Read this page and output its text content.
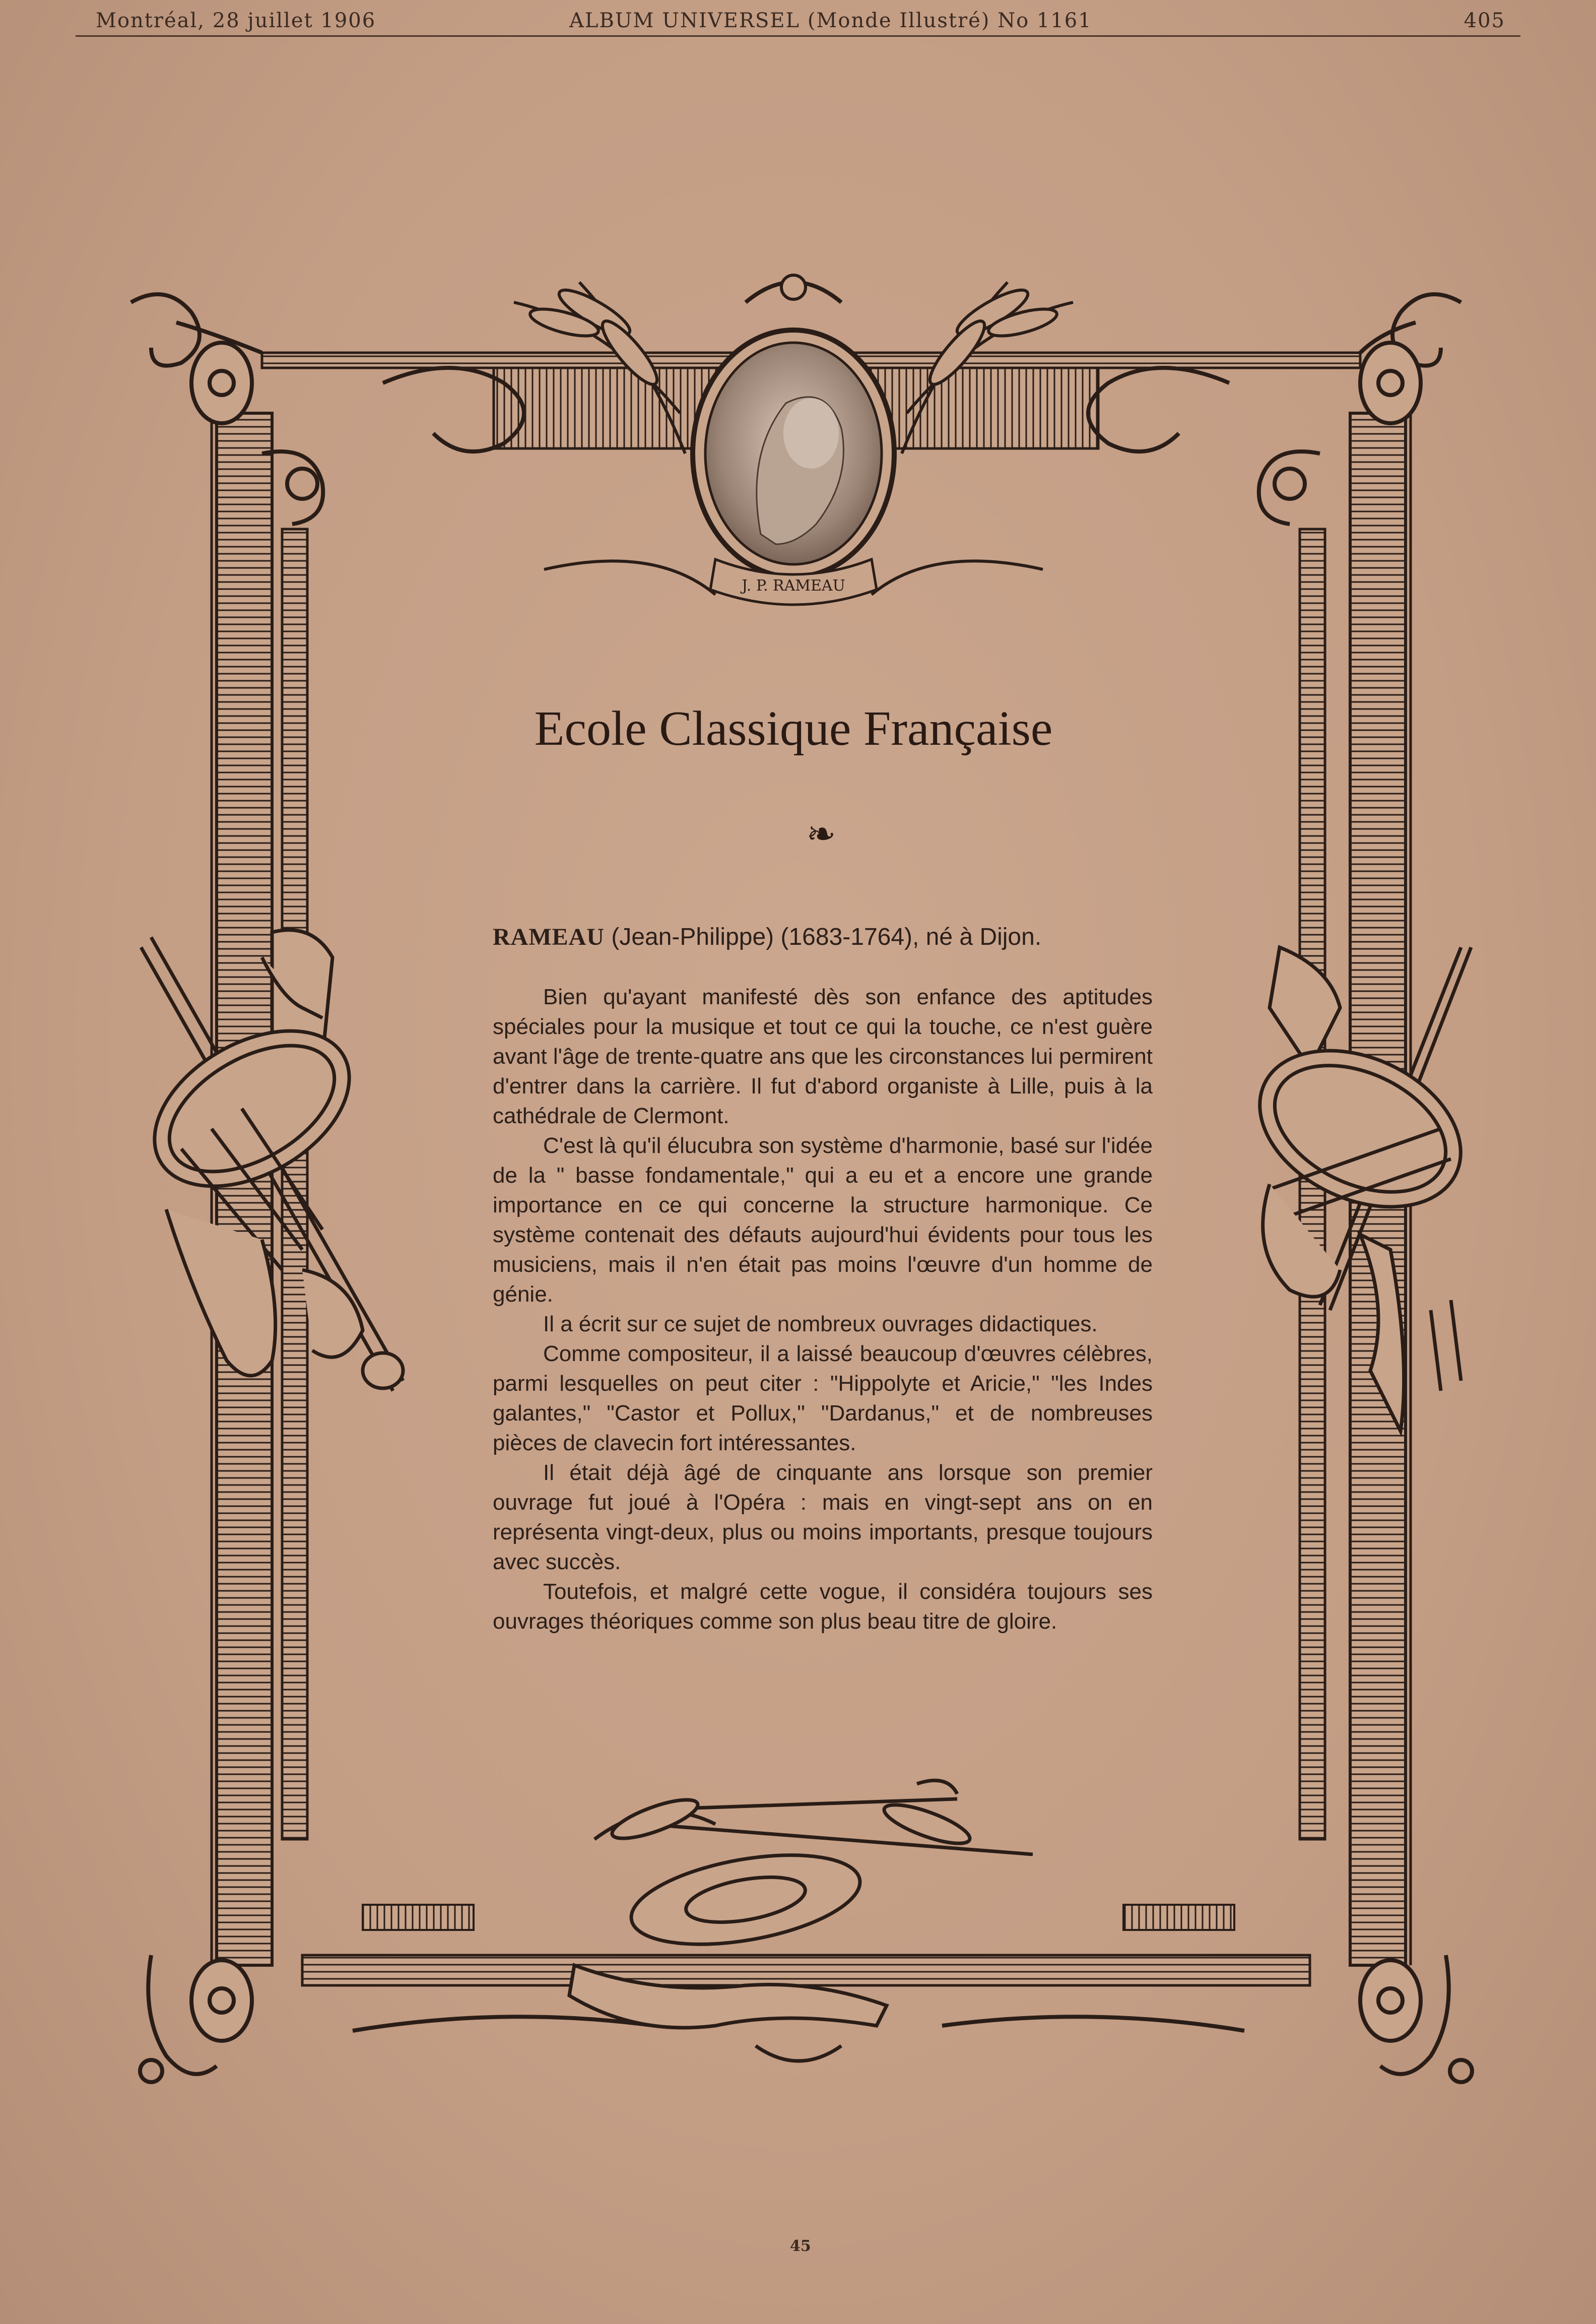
Montréal, 28 juillet 1906	ALBUM UNIVERSEL (Monde Illustré) No 1161	405
J. P. RAMEAU
Ecole Classique Française
❧

RAMEAU (Jean-Philippe) (1683-1764), né à Dijon.

Bien qu'ayant manifesté dès son enfance des aptitudes spéciales pour la musique et tout ce qui la touche, ce n'est guère avant l'âge de trente-quatre ans que les circonstances lui permirent d'entrer dans la carrière. Il fut d'abord organiste à Lille, puis à la cathédrale de Clermont.

C'est là qu'il élucubra son système d'harmonie, basé sur l'idée de la " basse fondamentale," qui a eu et a encore une grande importance en ce qui concerne la structure harmonique. Ce système contenait des défauts aujourd'hui évidents pour tous les musiciens, mais il n'en était pas moins l'œuvre d'un homme de génie.

Il a écrit sur ce sujet de nombreux ouvrages didactiques.

Comme compositeur, il a laissé beaucoup d'œuvres célèbres, parmi lesquelles on peut citer : "Hippolyte et Aricie," "les Indes galantes," "Castor et Pollux," "Dardanus," et de nombreuses pièces de clavecin fort intéressantes.

Il était déjà âgé de cinquante ans lorsque son premier ouvrage fut joué à l'Opéra : mais en vingt-sept ans on en représenta vingt-deux, plus ou moins importants, presque toujours avec succès.

Toutefois, et malgré cette vogue, il considéra toujours ses ouvrages théoriques comme son plus beau titre de gloire.

45
